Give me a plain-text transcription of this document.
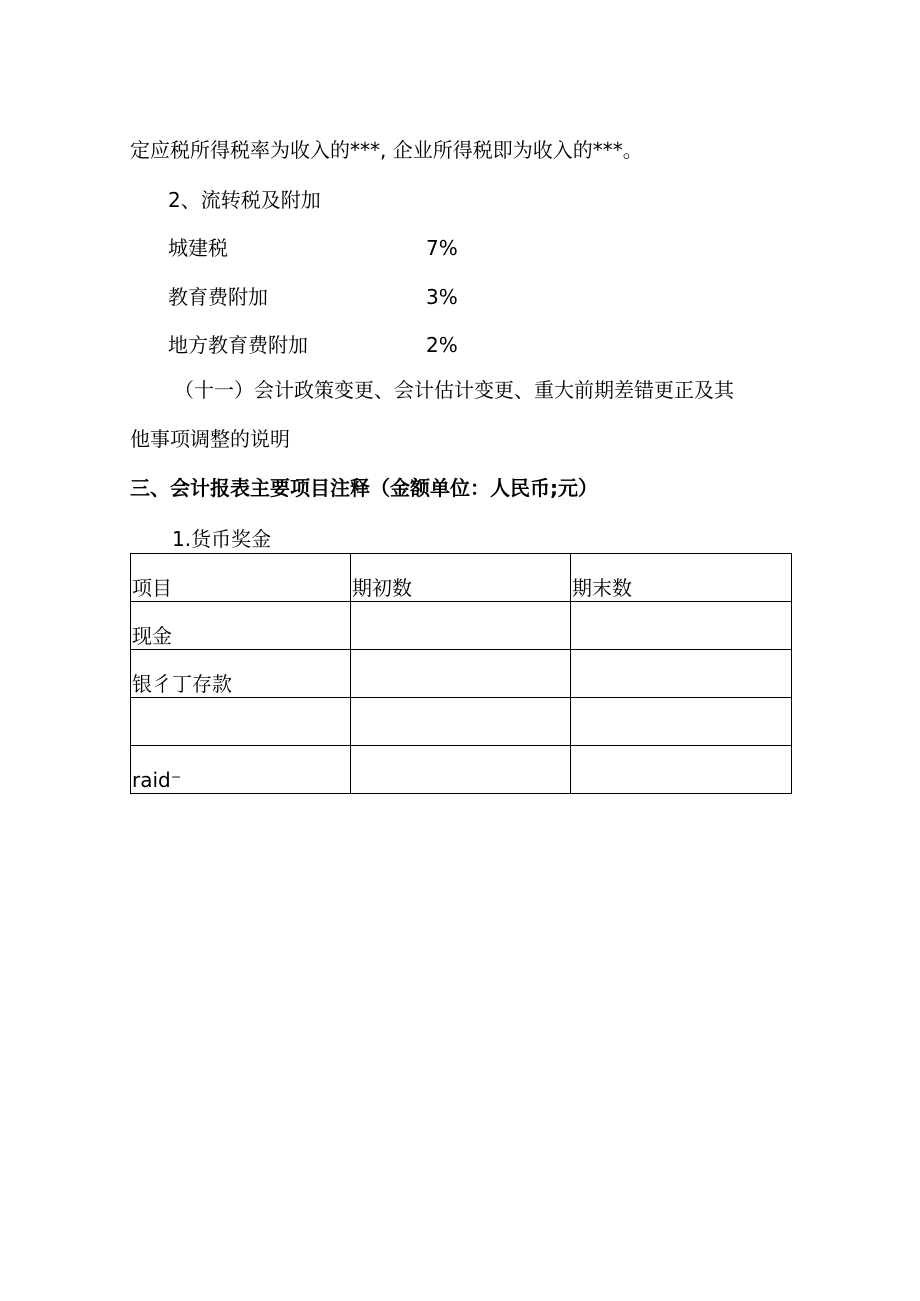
定应税所得税率为收入的***, 企业所得税即为收入的***。
2、流转税及附加
城建税	7%
教育费附加	3%
地方教育费附加	2%
（十一）会计政策变更、会计估计变更、重大前期差错更正及其
他事项调整的说明
三、会计报表主要项目注释（金额单位：人民币;元）
1.货币奖金
项目	期初数	期末数
现金		
银彳丁存款		

raid⁻		
